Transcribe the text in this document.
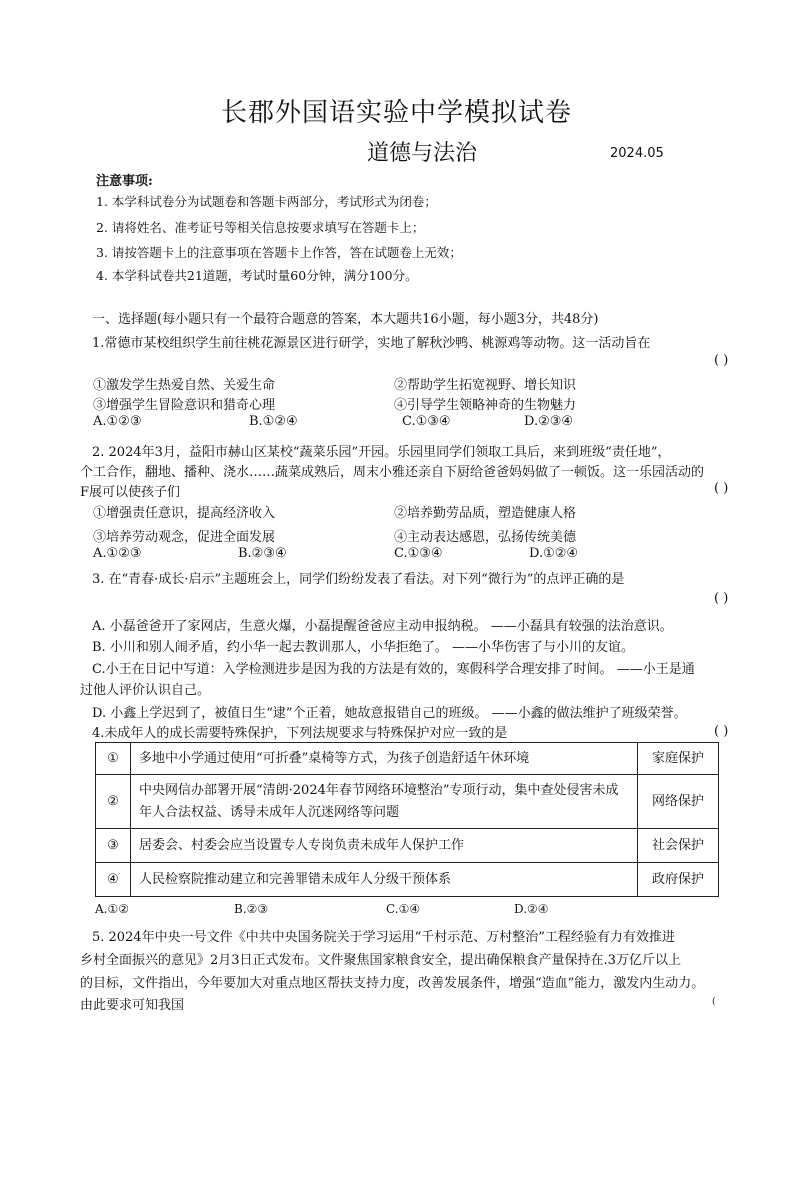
长郡外国语实验中学模拟试卷
道德与法治	2024.05
注意事项:
1. 本学科试卷分为试题卷和答题卡两部分，考试形式为闭卷；
2. 请将姓名、准考证号等相关信息按要求填写在答题卡上；
3. 请按答题卡上的注意事项在答题卡上作答，答在试题卷上无效；
4. 本学科试卷共21道题，考试时量60分钟，满分100分。
一、选择题(每小题只有一个最符合题意的答案，本大题共16小题，每小题3分，共48分)
1.常德市某校组织学生前往桃花源景区进行研学，实地了解秋沙鸭、桃源鸡等动物。这一活动旨在
( )
①激发学生热爱自然、关爱生命	②帮助学生拓宽视野、增长知识
③增强学生冒险意识和猎奇心理	④引导学生领略神奇的生物魅力
A.①②③	B.①②④	C.①③④	D.②③④
2. 2024年3月，益阳市赫山区某校“蔬菜乐园”开园。乐园里同学们领取工具后，来到班级“责任地”，
个工合作，翻地、播种、浇水……蔬菜成熟后，周末小雅还亲自下厨给爸爸妈妈做了一顿饭。这一乐园活动的
F展可以使孩子们	( )
①增强责任意识，提高经济收入	②培养勤劳品质，塑造健康人格
③培养劳动观念，促进全面发展	④主动表达感恩，弘扬传统美德
A.①②③	B.②③④	C.①③④	D.①②④
3. 在“青春·成长·启示”主题班会上，同学们纷纷发表了看法。对下列“微行为”的点评正确的是
( )
A. 小磊爸爸开了家网店，生意火爆，小磊提醒爸爸应主动申报纳税。 ——小磊具有较强的法治意识。
B. 小川和别人闹矛盾，约小华一起去教训那人，小华拒绝了。 ——小华伤害了与小川的友谊。
C.小王在日记中写道：入学检测进步是因为我的方法是有效的，寒假科学合理安排了时间。 ——小王是通
过他人评价认识自己。
D. 小鑫上学迟到了，被值日生“逮”个正着，她故意报错自己的班级。 ——小鑫的做法维护了班级荣誉。
4.未成年人的成长需要特殊保护，下列法规要求与特殊保护对应一致的是	( )
①	多地中小学通过使用“可折叠”桌椅等方式，为孩子创造舒适午休环境	家庭保护
②	中央网信办部署开展“清朗·2024年春节网络环境整治”专项行动，集中查处侵害未成年人合法权益、诱导未成年人沉迷网络等问题	网络保护
③	居委会、村委会应当设置专人专岗负责未成年人保护工作	社会保护
④	人民检察院推动建立和完善罪错未成年人分级干预体系	政府保护
A.①②	B.②③	C.①④	D.②④
5. 2024年中央一号文件《中共中央国务院关于学习运用“千村示范、万村整治”工程经验有力有效推进
乡村全面振兴的意见》2月3日正式发布。文件聚焦国家粮食安全，提出确保粮食产量保持在.3万亿斤以上
的目标，文件指出，今年要加大对重点地区帮扶支持力度，改善发展条件，增强“造血”能力，激发内生动力。
由此要求可知我国	(
